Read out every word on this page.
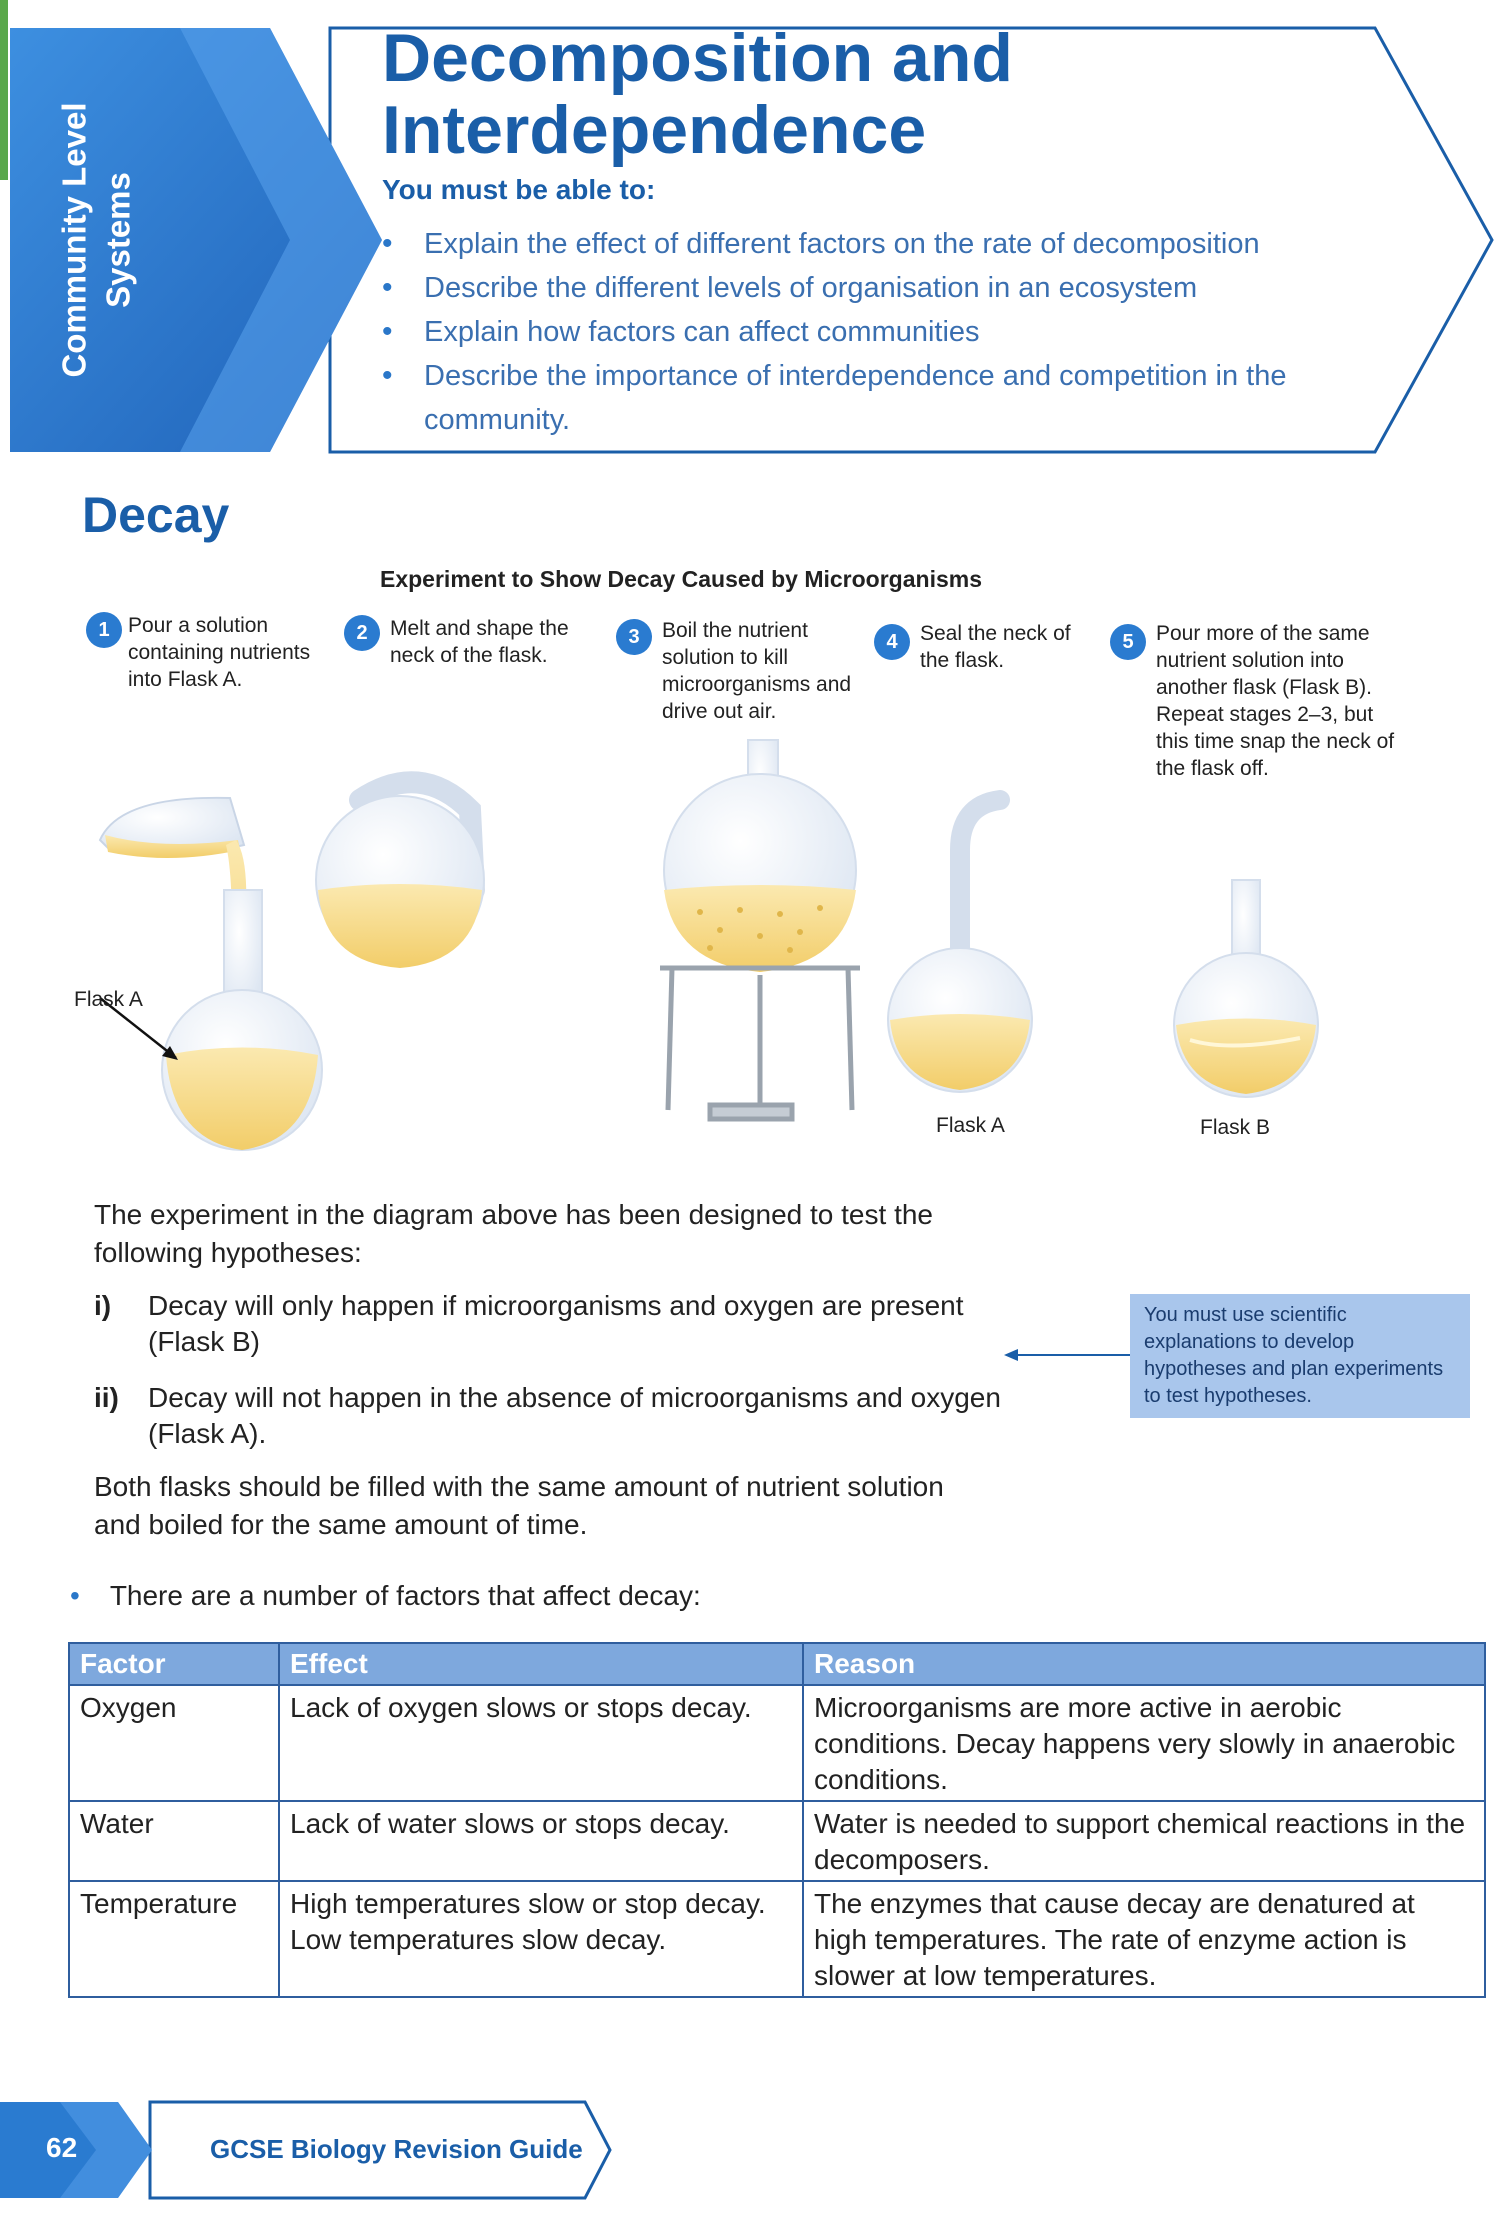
Community Level Systems
Decomposition and
Interdependence
You must be able to:
• Explain the effect of different factors on the rate of decomposition
• Describe the different levels of organisation in an ecosystem
• Explain how factors can affect communities
• Describe the importance of interdependence and competition in the community.
Decay
Experiment to Show Decay Caused by Microorganisms
1 Pour a solution containing nutrients into Flask A.
2	Melt and shape the neck of the flask.
3	Boil the nutrient solution to kill microorganisms and drive out air.
4	Seal the neck of the flask.
5	Pour more of the same nutrient solution into another flask (Flask B). Repeat stages 2–3, but this time snap the neck of the flask off.
Flask A
Flask A	Flask B

The experiment in the diagram above has been designed to test the following hypotheses:

i) Decay will only happen if microorganisms and oxygen are present (Flask B)
ii) Decay will not happen in the absence of microorganisms and oxygen (Flask A).

Both flasks should be filled with the same amount of nutrient solution and boiled for the same amount of time.

You must use scientific explanations to develop hypotheses and plan experiments to test hypotheses.
• There are a number of factors that affect decay:
Factor	Effect	Reason
Oxygen	Lack of oxygen slows or stops decay.	Microorganisms are more active in aerobic conditions. Decay happens very slowly in anaerobic conditions.
Water	Lack of water slows or stops decay.	Water is needed to support chemical reactions in the decomposers.
Temperature	High temperatures slow or stop decay. Low temperatures slow decay.	The enzymes that cause decay are denatured at high temperatures. The rate of enzyme action is slower at low temperatures.
62	GCSE Biology Revision Guide
